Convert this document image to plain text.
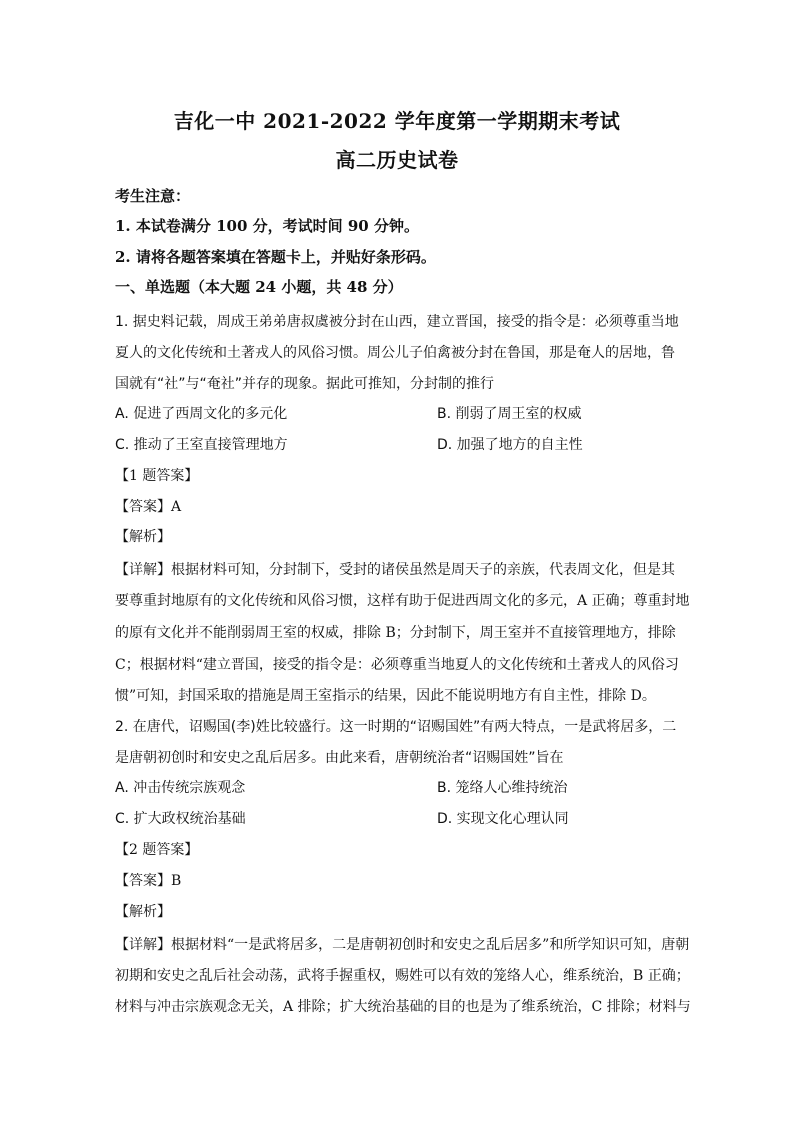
吉化一中 2021-2022 学年度第一学期期末考试
高二历史试卷
考生注意：
1. 本试卷满分 100 分，考试时间 90 分钟。
2. 请将各题答案填在答题卡上，并贴好条形码。
一、单选题（本大题 24 小题，共 48 分）
1. 据史料记载，周成王弟弟唐叔虞被分封在山西，建立晋国，接受的指令是：必须尊重当地
夏人的文化传统和土著戎人的风俗习惯。周公儿子伯禽被分封在鲁国，那是奄人的居地，鲁
国就有“社”与“奄社”并存的现象。据此可推知，分封制的推行
A. 促进了西周文化的多元化	B. 削弱了周王室的权威
C. 推动了王室直接管理地方	D. 加强了地方的自主性
【1 题答案】
【答案】A
【解析】
【详解】根据材料可知，分封制下，受封的诸侯虽然是周天子的亲族，代表周文化，但是其
要尊重封地原有的文化传统和风俗习惯，这样有助于促进西周文化的多元，A 正确；尊重封地
的原有文化并不能削弱周王室的权威，排除 B；分封制下，周王室并不直接管理地方，排除
C；根据材料“建立晋国，接受的指令是：必须尊重当地夏人的文化传统和土著戎人的风俗习
惯”可知，封国采取的措施是周王室指示的结果，因此不能说明地方有自主性，排除 D。
2. 在唐代，诏赐国(李)姓比较盛行。这一时期的“诏赐国姓”有两大特点，一是武将居多，二
是唐朝初创时和安史之乱后居多。由此来看，唐朝统治者“诏赐国姓”旨在
A. 冲击传统宗族观念	B. 笼络人心维持统治
C. 扩大政权统治基础	D. 实现文化心理认同
【2 题答案】
【答案】B
【解析】
【详解】根据材料“一是武将居多，二是唐朝初创时和安史之乱后居多”和所学知识可知，唐朝
初期和安史之乱后社会动荡，武将手握重权，赐姓可以有效的笼络人心，维系统治，B 正确；
材料与冲击宗族观念无关，A 排除；扩大统治基础的目的也是为了维系统治，C 排除；材料与
